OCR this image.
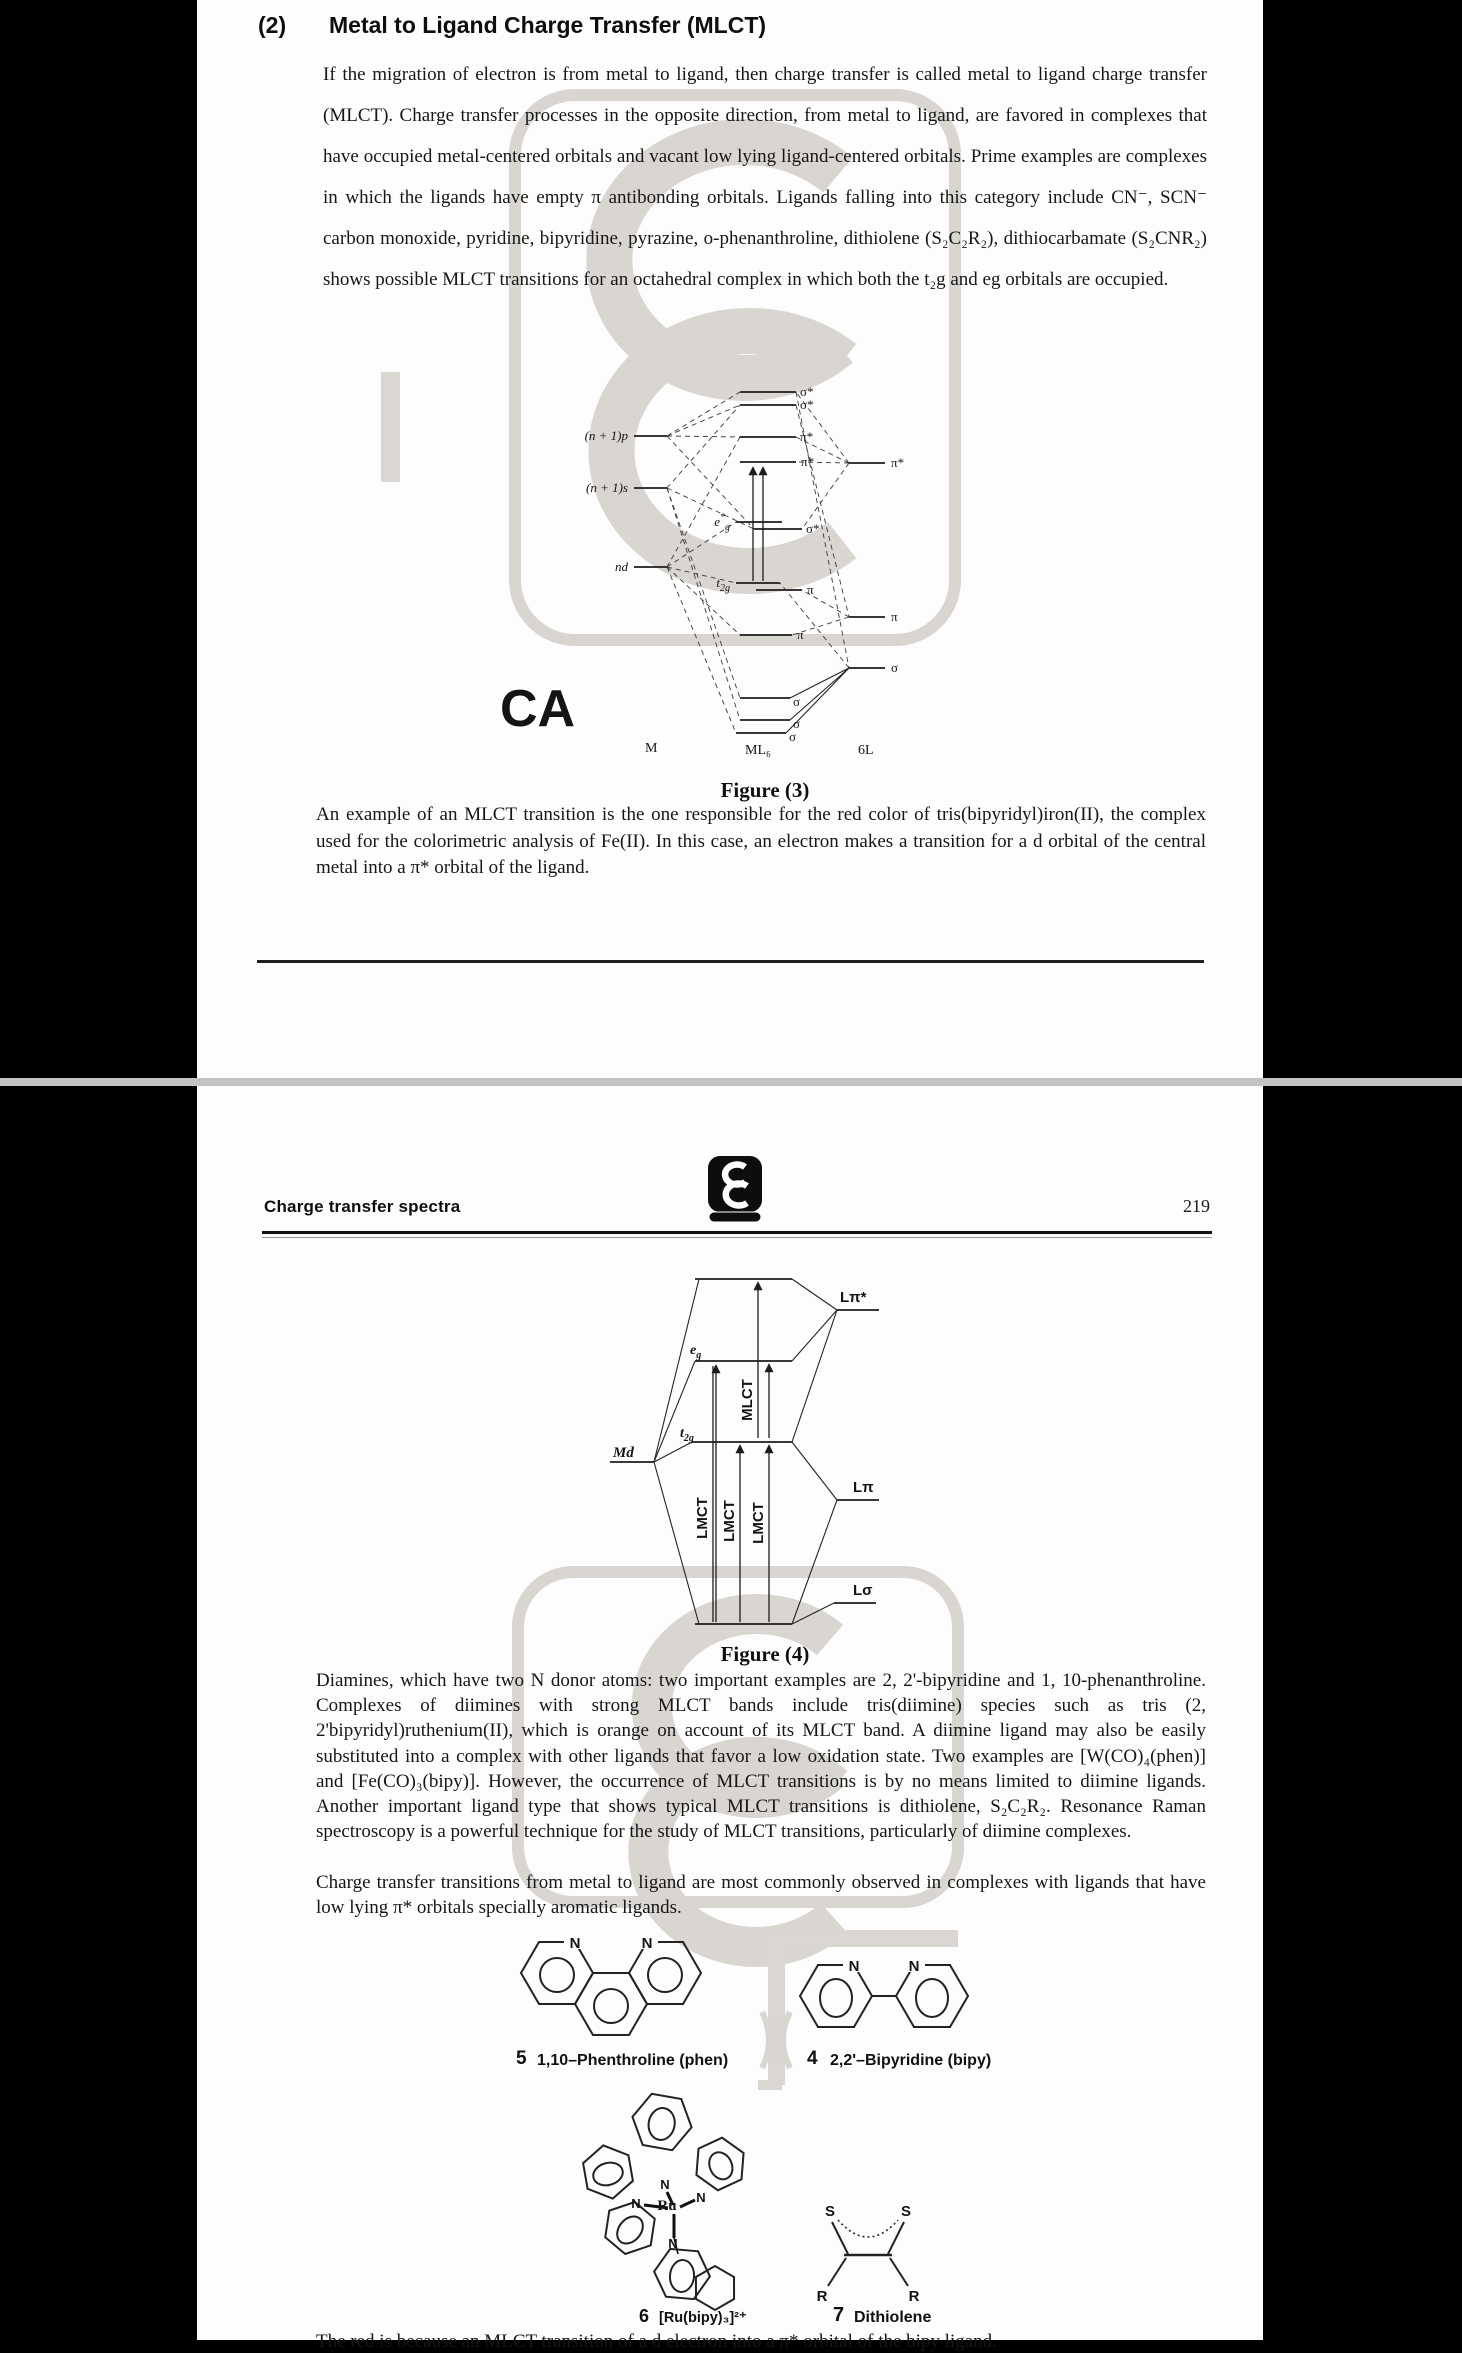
CA
(2) Metal to Ligand Charge Transfer (MLCT)
If the migration of electron is from metal to ligand, then charge transfer is called metal to ligand charge transfer (MLCT). Charge transfer processes in the opposite direction, from metal to ligand, are favored in complexes that have occupied metal-centered orbitals and vacant low lying ligand-centered orbitals. Prime examples are complexes in which the ligands have empty π antibonding orbitals. Ligands falling into this category include CN⁻, SCN⁻ carbon monoxide, pyridine, bipyridine, pyrazine, o-phenanthroline, dithiolene (S₂C₂R₂), dithiocarbamate (S₂CNR₂) shows possible MLCT transitions for an octahedral complex in which both the t₂g and eg orbitals are occupied.
(n + 1)p
(n + 1)s
nd
σ*
σ*
π*
π*
$e^*_g$	σ*
$t_{2g}$	π
π
σ
σ
σ
π*
π
σ
M	ML₆	6L
Figure (3)
An example of an MLCT transition is the one responsible for the red color of tris(bipyridyl)iron(II), the complex used for the colorimetric analysis of Fe(II). In this case, an electron makes a transition for a d orbital of the central metal into a π* orbital of the ligand.
CAREER ENDEAVOUR
Charge transfer spectra	219
Md
$e_g$
$t_{2g}$
Lπ*
Lπ
Lσ
MLCT
LMCT LMCT LMCT
Figure (4)
Diamines, which have two N donor atoms: two important examples are 2, 2'-bipyridine and 1, 10-phenanthroline. Complexes of diimines with strong MLCT bands include tris(diimine) species such as tris (2, 2'bipyridyl)ruthenium(II), which is orange on account of its MLCT band. A diimine ligand may also be easily substituted into a complex with other ligands that favor a low oxidation state. Two examples are [W(CO)₄(phen)] and [Fe(CO)₃(bipy)]. However, the occurrence of MLCT transitions is by no means limited to diimine ligands. Another important ligand type that shows typical MLCT transitions is dithiolene, S₂C₂R₂. Resonance Raman spectroscopy is a powerful technique for the study of MLCT transitions, particularly of diimine complexes.
Charge transfer transitions from metal to ligand are most commonly observed in complexes with ligands that have low lying π* orbitals specially aromatic ligands.
N	N
N	N
5 1,10–Phenthroline (phen)	4 2,2'–Bipyridine (bipy)
Ru
N
N
N
N
S	S
R	R
6 [Ru(bipy)₃]²⁺	7 Dithiolene
The red is because an MLCT transition of a d electron into a π* orbital of the bipy ligand.
